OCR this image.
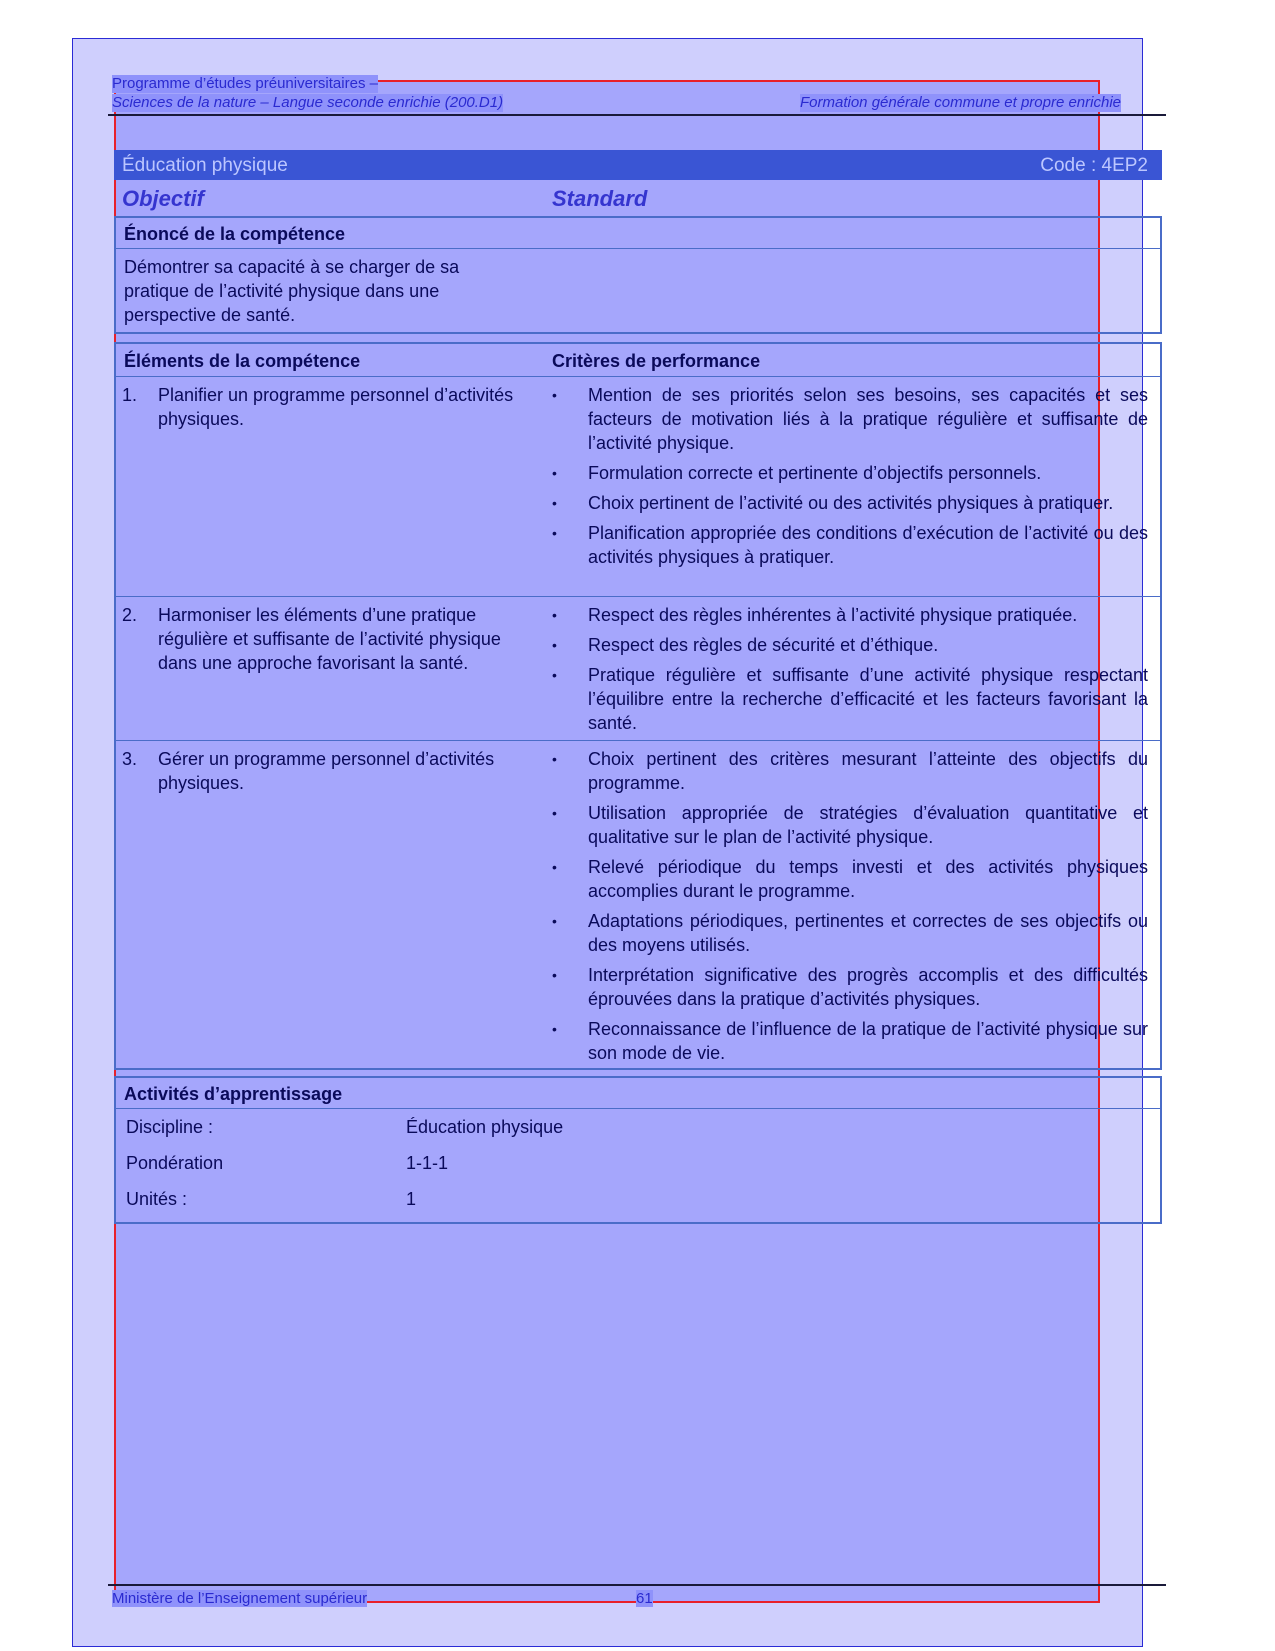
Programme d’études préuniversitaires –
Sciences de la nature – Langue seconde enrichie (200.D1)	Formation générale commune et propre enrichie
Éducation physique	Code : 4EP2
Objectif	Standard
Énoncé de la compétence
Démontrer sa capacité à se charger de sa pratique de l’activité physique dans une perspective de santé.
Éléments de la compétence	Critères de performance
1.	Planifier un programme personnel d’activités physiques.
•	Mention de ses priorités selon ses besoins, ses capacités et ses facteurs de motivation liés à la pratique régulière et suffisante de l’activité physique.
•	Formulation correcte et pertinente d’objectifs personnels.
•	Choix pertinent de l’activité ou des activités physiques à pratiquer.
•	Planification appropriée des conditions d’exécution de l’activité ou des activités physiques à pratiquer.
2.	Harmoniser les éléments d’une pratique régulière et suffisante de l’activité physique dans une approche favorisant la santé.
•	Respect des règles inhérentes à l’activité physique pratiquée.
•	Respect des règles de sécurité et d’éthique.
•	Pratique régulière et suffisante d’une activité physique respectant l’équilibre entre la recherche d’efficacité et les facteurs favorisant la santé.
3.	Gérer un programme personnel d’activités physiques.
•	Choix pertinent des critères mesurant l’atteinte des objectifs du programme.
•	Utilisation appropriée de stratégies d’évaluation quantitative et qualitative sur le plan de l’activité physique.
•	Relevé périodique du temps investi et des activités physiques accomplies durant le programme.
•	Adaptations périodiques, pertinentes et correctes de ses objectifs ou des moyens utilisés.
•	Interprétation significative des progrès accomplis et des difficultés éprouvées dans la pratique d’activités physiques.
•	Reconnaissance de l’influence de la pratique de l’activité physique sur son mode de vie.
Activités d’apprentissage
Discipline :	Éducation physique
Pondération	1-1-1
Unités :	1
Ministère de l’Enseignement supérieur	61
